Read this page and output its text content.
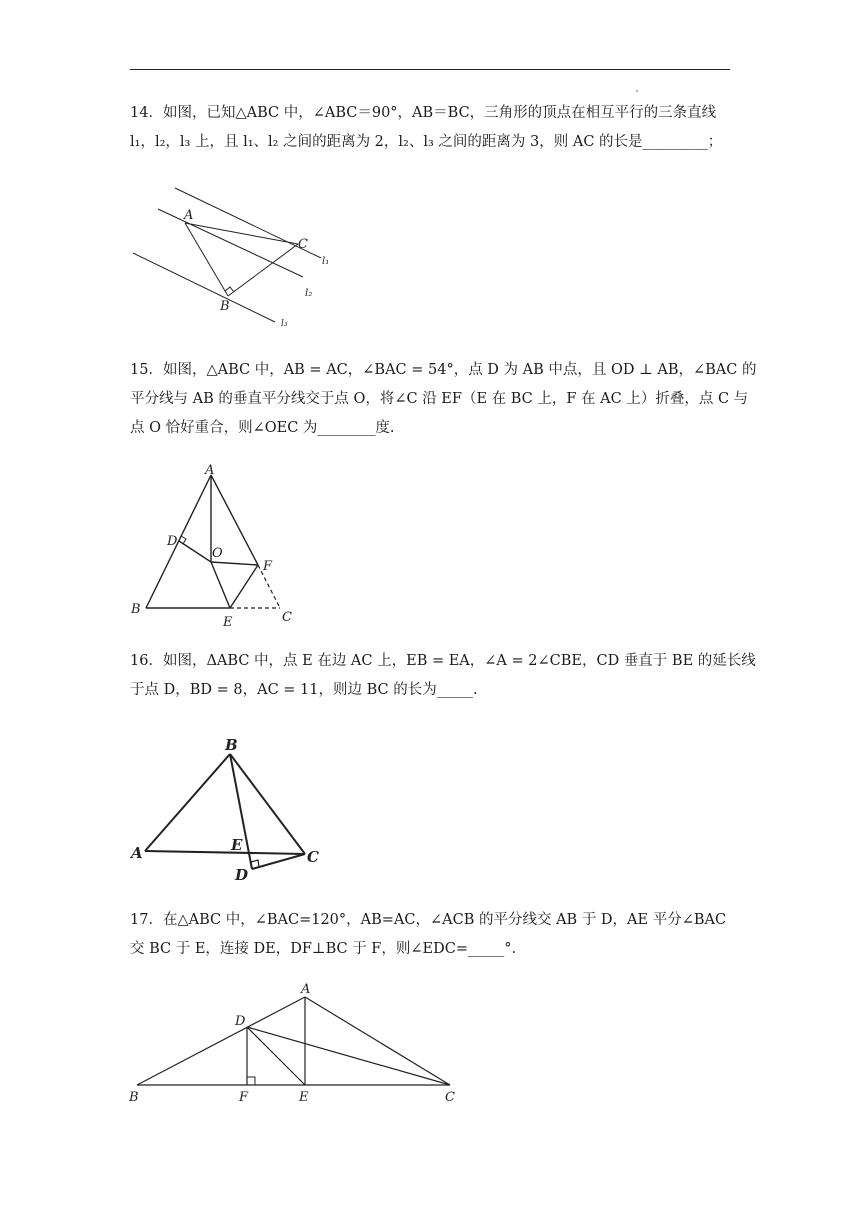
14．如图，已知△ABC 中，∠ABC＝90°，AB＝BC，三角形的顶点在相互平行的三条直线
l₁，l₂，l₃ 上，且 l₁、l₂ 之间的距离为 2，l₂、l₃ 之间的距离为 3，则 AC 的长是_________；
A
B
C
l₁
l₂
l₃
15．如图，△ABC 中，AB = AC，∠BAC = 54°，点 D 为 AB 中点，且 OD ⊥ AB，∠BAC 的
平分线与 AB 的垂直平分线交于点 O，将∠C 沿 EF（E 在 BC 上，F 在 AC 上）折叠，点 C 与
点 O 恰好重合，则∠OEC 为________度.
A
B
C
D
E
F
O
16．如图，ΔABC 中，点 E 在边 AC 上，EB = EA，∠A = 2∠CBE，CD 垂直于 BE 的延长线
于点 D，BD = 8，AC = 11，则边 BC 的长为_____.
B
A	C
E
D
17．在△ABC 中，∠BAC=120°，AB=AC，∠ACB 的平分线交 AB 于 D，AE 平分∠BAC
交 BC 于 E，连接 DE，DF⊥BC 于 F，则∠EDC=_____°.
A
B	C
D
E
F
